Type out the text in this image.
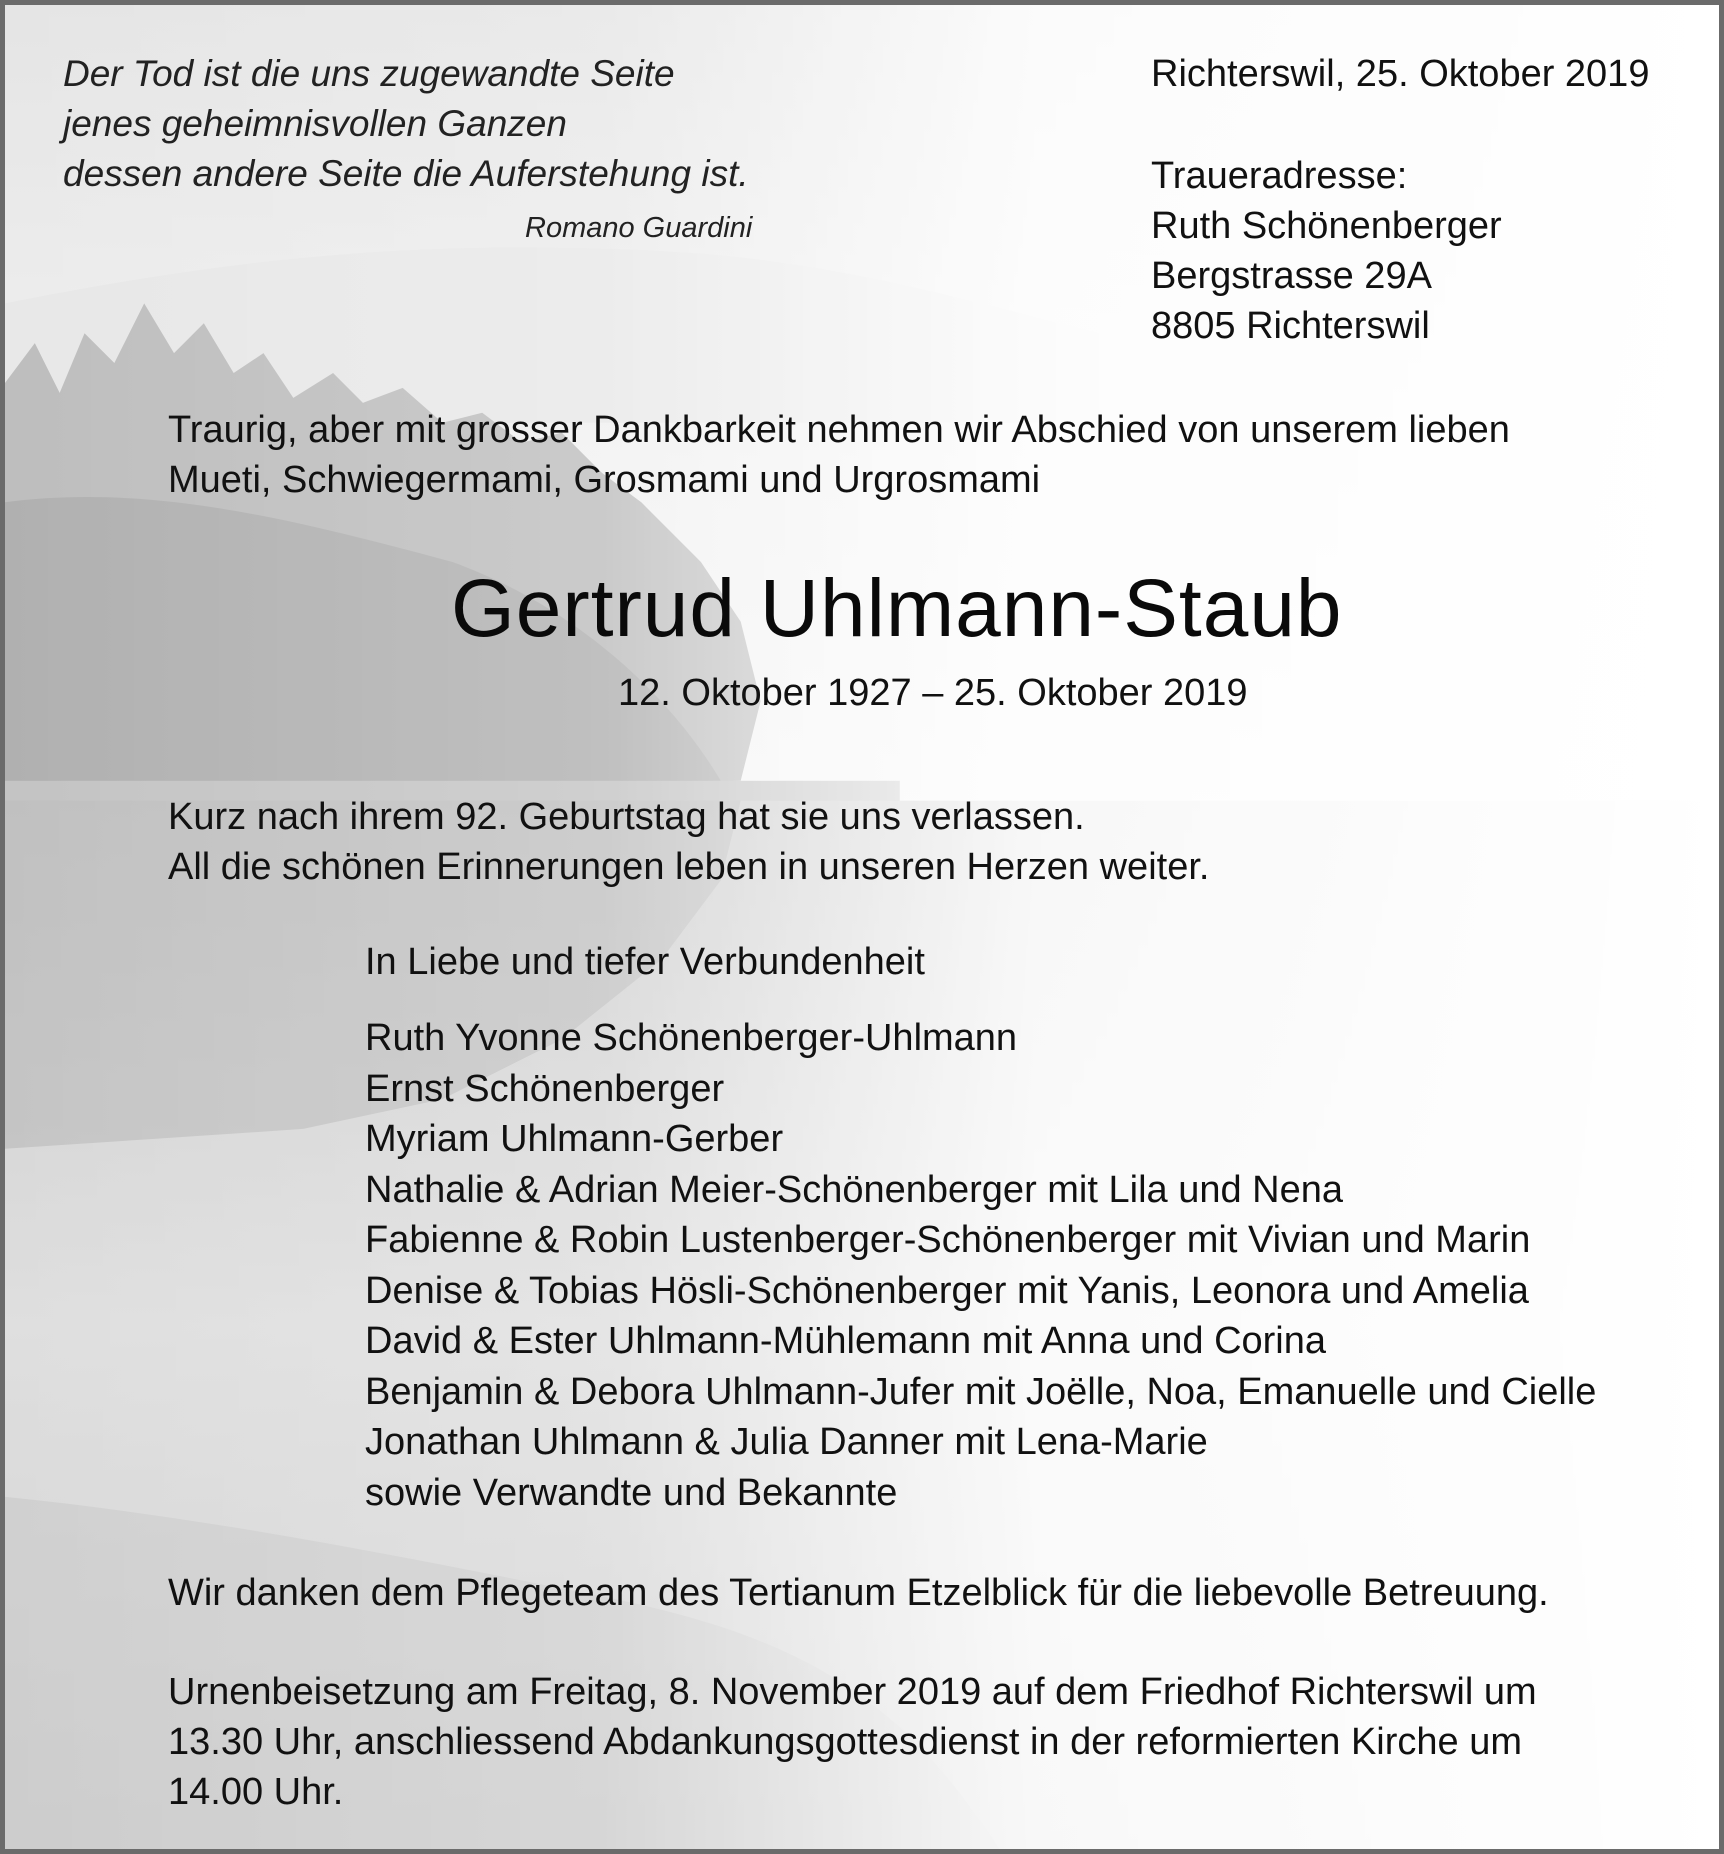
Der Tod ist die uns zugewandte Seite
jenes geheimnisvollen Ganzen
dessen andere Seite die Auferstehung ist.
Romano Guardini
Richterswil, 25. Oktober 2019
Traueradresse:
Ruth Schönenberger
Bergstrasse 29A
8805 Richterswil
Traurig, aber mit grosser Dankbarkeit nehmen wir Abschied von unserem lieben
Mueti, Schwiegermami, Grosmami und Urgrosmami
Gertrud Uhlmann-Staub
12. Oktober 1927 – 25. Oktober 2019
Kurz nach ihrem 92. Geburtstag hat sie uns verlassen.
All die schönen Erinnerungen leben in unseren Herzen weiter.
In Liebe und tiefer Verbundenheit
Ruth Yvonne Schönenberger-Uhlmann
Ernst Schönenberger
Myriam Uhlmann-Gerber
Nathalie & Adrian Meier-Schönenberger mit Lila und Nena
Fabienne & Robin Lustenberger-Schönenberger mit Vivian und Marin
Denise & Tobias Hösli-Schönenberger mit Yanis, Leonora und Amelia
David & Ester Uhlmann-Mühlemann mit Anna und Corina
Benjamin & Debora Uhlmann-Jufer mit Joëlle, Noa, Emanuelle und Cielle
Jonathan Uhlmann & Julia Danner mit Lena-Marie
sowie Verwandte und Bekannte
Wir danken dem Pflegeteam des Tertianum Etzelblick für die liebevolle Betreuung.
Urnenbeisetzung am Freitag, 8. November 2019 auf dem Friedhof Richterswil um
13.30 Uhr, anschliessend Abdankungsgottesdienst in der reformierten Kirche um
14.00 Uhr.
